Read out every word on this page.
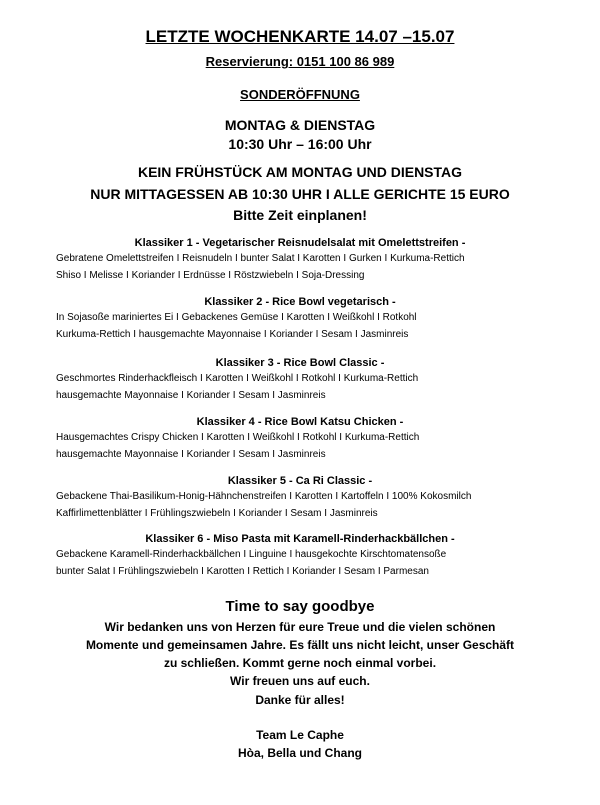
LETZTE WOCHENKARTE 14.07 –15.07

Reservierung: 0151 100 86 989

SONDERÖFFNUNG

MONTAG & DIENSTAG

10:30 Uhr – 16:00 Uhr

KEIN FRÜHSTÜCK AM MONTAG UND DIENSTAG

NUR MITTAGESSEN AB 10:30 UHR I ALLE GERICHTE 15 EURO

Bitte Zeit einplanen!

Klassiker 1 - Vegetarischer Reisnudelsalat mit Omelettstreifen -
Gebratene Omelettstreifen I Reisnudeln I bunter Salat I Karotten I Gurken I Kurkuma-Rettich
Shiso I Melisse I Koriander I Erdnüsse I Röstzwiebeln I Soja-Dressing
Klassiker 2 - Rice Bowl vegetarisch -
In Sojasoße mariniertes Ei I Gebackenes Gemüse I Karotten I Weißkohl I Rotkohl
Kurkuma-Rettich I hausgemachte Mayonnaise I Koriander I Sesam I Jasminreis
Klassiker 3 - Rice Bowl Classic -
Geschmortes Rinderhackfleisch I Karotten I Weißkohl I Rotkohl I Kurkuma-Rettich
hausgemachte Mayonnaise I Koriander I Sesam I Jasminreis
Klassiker 4 - Rice Bowl Katsu Chicken -
Hausgemachtes Crispy Chicken I Karotten I Weißkohl I Rotkohl I Kurkuma-Rettich
hausgemachte Mayonnaise I Koriander I Sesam I Jasminreis
Klassiker 5 - Ca Ri Classic -
Gebackene Thai-Basilikum-Honig-Hähnchenstreifen I Karotten I Kartoffeln I 100% Kokosmilch
Kaffirlimettenblätter I Frühlingszwiebeln I Koriander I Sesam I Jasminreis
Klassiker 6 - Miso Pasta mit Karamell-Rinderhackbällchen -
Gebackene Karamell-Rinderhackbällchen I Linguine I hausgekochte Kirschtomatensoße
bunter Salat I Frühlingszwiebeln I Karotten I Rettich I Koriander I Sesam I Parmesan

Time to say goodbye

Wir bedanken uns von Herzen für eure Treue und die vielen schönen

Momente und gemeinsamen Jahre. Es fällt uns nicht leicht, unser Geschäft

zu schließen. Kommt gerne noch einmal vorbei.

Wir freuen uns auf euch.

Danke für alles!

Team Le Caphe

Hòa, Bella und Chang
